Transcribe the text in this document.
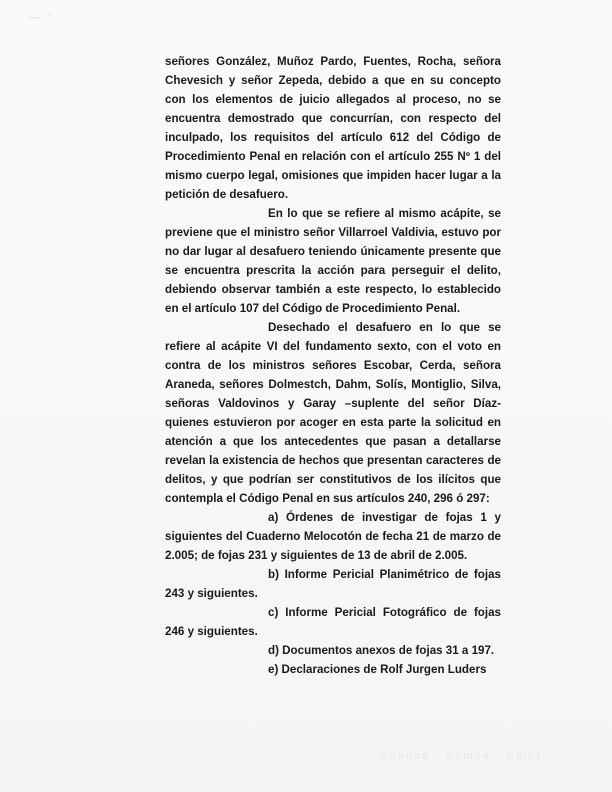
· —· ·̄

señores González, Muñoz Pardo, Fuentes, Rocha, señora Chevesich y señor Zepeda, debido a que en su concepto con los elementos de juicio allegados al proceso, no se encuentra demostrado que concurrían, con respecto del inculpado, los requisitos del artículo 612 del Código de Procedimiento Penal en relación con el artículo 255 Nº 1 del mismo cuerpo legal, omisiones que impiden hacer lugar a la petición de desafuero.

En lo que se refiere al mismo acápite, se previene que el ministro señor Villarroel Valdivia, estuvo por no dar lugar al desafuero teniendo únicamente presente que se encuentra prescrita la acción para perseguir el delito, debiendo observar también a este respecto, lo establecido en el artículo 107 del Código de Procedimiento Penal.

Desechado el desafuero en lo que se refiere al acápite VI del fundamento sexto, con el voto en contra de los ministros señores Escobar, Cerda, señora Araneda, señores Dolmestch, Dahm, Solís, Montiglio, Silva, señoras Valdovinos y Garay –suplente del señor Díaz- quienes estuvieron por acoger en esta parte la solicitud en atención a que los antecedentes que pasan a detallarse revelan la existencia de hechos que presentan caracteres de delitos, y que podrían ser constitutivos de los ilícitos que contempla el Código Penal en sus artículos 240, 296 ó 297:

a) Órdenes de investigar de fojas 1 y siguientes del Cuaderno Melocotón de fecha 21 de marzo de 2.005; de fojas 231 y siguientes de 13 de abril de 2.005.

b) Informe Pericial Planimétrico de fojas 243 y siguientes.

c) Informe Pericial Fotográfico de fojas 246 y siguientes.

d) Documentos anexos de fojas 31 a 197.

e) Declaraciones de Rolf Jurgen Luders

Shanaa - Samoa - Saint…
